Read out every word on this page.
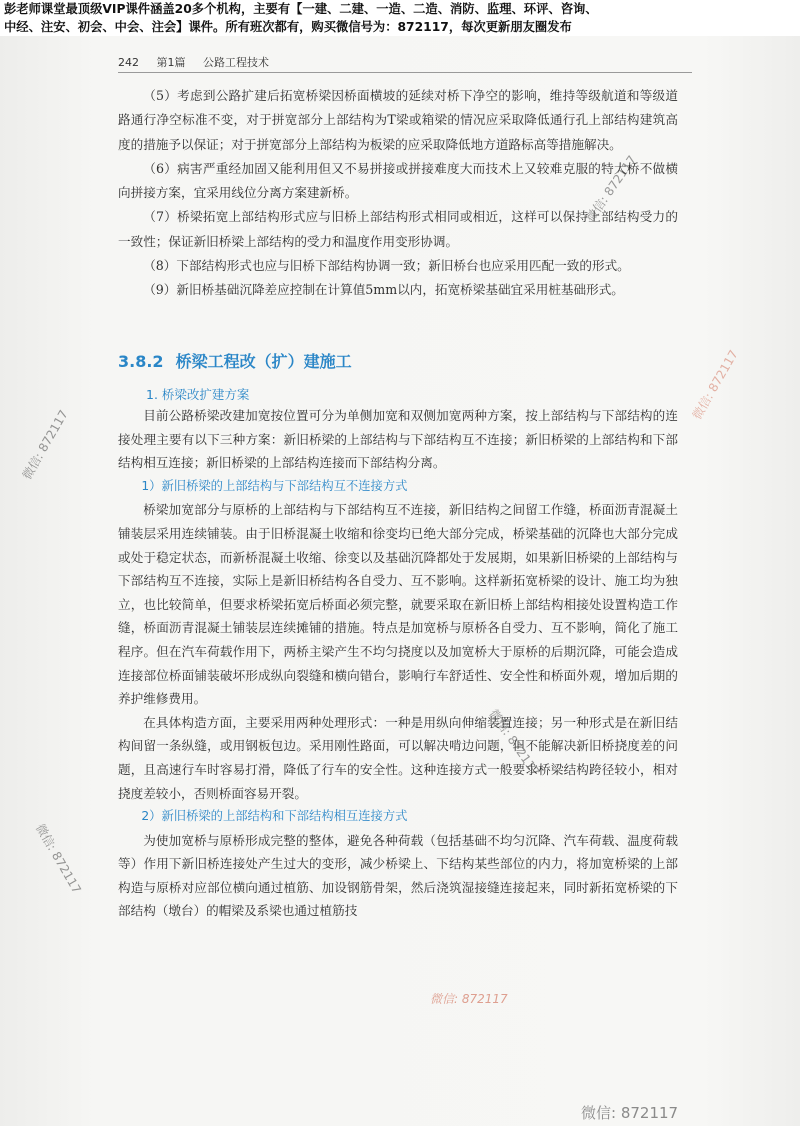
彭老师课堂最顶级VIP课件涵盖20多个机构，主要有【一建、二建、一造、二造、消防、监理、环评、咨询、
中经、注安、初会、中会、注会】课件。所有班次都有，购买微信号为：872117，每次更新朋友圈发布
242 第1篇 公路工程技术

（5）考虑到公路扩建后拓宽桥梁因桥面横坡的延续对桥下净空的影响，维持等级航道和等级道路通行净空标准不变，对于拼宽部分上部结构为T梁或箱梁的情况应采取降低通行孔上部结构建筑高度的措施予以保证；对于拼宽部分上部结构为板梁的应采取降低地方道路标高等措施解决。

（6）病害严重经加固又能利用但又不易拼接或拼接难度大而技术上又较难克服的特大桥不做横向拼接方案，宜采用线位分离方案建新桥。

（7）桥梁拓宽上部结构形式应与旧桥上部结构形式相同或相近，这样可以保持上部结构受力的一致性；保证新旧桥梁上部结构的受力和温度作用变形协调。

（8）下部结构形式也应与旧桥下部结构协调一致；新旧桥台也应采用匹配一致的形式。

（9）新旧桥基础沉降差应控制在计算值5mm以内，拓宽桥梁基础宜采用桩基础形式。

3.8.2 桥梁工程改（扩）建施工
1. 桥梁改扩建方案

目前公路桥梁改建加宽按位置可分为单侧加宽和双侧加宽两种方案，按上部结构与下部结构的连接处理主要有以下三种方案：新旧桥梁的上部结构与下部结构互不连接；新旧桥梁的上部结构和下部结构相互连接；新旧桥梁的上部结构连接而下部结构分离。

1）新旧桥梁的上部结构与下部结构互不连接方式

桥梁加宽部分与原桥的上部结构与下部结构互不连接，新旧结构之间留工作缝，桥面沥青混凝土铺装层采用连续铺装。由于旧桥混凝土收缩和徐变均已绝大部分完成，桥梁基础的沉降也大部分完成或处于稳定状态，而新桥混凝土收缩、徐变以及基础沉降都处于发展期，如果新旧桥梁的上部结构与下部结构互不连接，实际上是新旧桥结构各自受力、互不影响。这样新拓宽桥梁的设计、施工均为独立，也比较简单，但要求桥梁拓宽后桥面必须完整，就要采取在新旧桥上部结构相接处设置构造工作缝，桥面沥青混凝土铺装层连续摊铺的措施。特点是加宽桥与原桥各自受力、互不影响，简化了施工程序。但在汽车荷载作用下，两桥主梁产生不均匀挠度以及加宽桥大于原桥的后期沉降，可能会造成连接部位桥面铺装破坏形成纵向裂缝和横向错台，影响行车舒适性、安全性和桥面外观，增加后期的养护维修费用。

在具体构造方面，主要采用两种处理形式：一种是用纵向伸缩装置连接；另一种形式是在新旧结构间留一条纵缝，或用钢板包边。采用刚性路面，可以解决啃边问题，但不能解决新旧桥挠度差的问题，且高速行车时容易打滑，降低了行车的安全性。这种连接方式一般要求桥梁结构跨径较小，相对挠度差较小，否则桥面容易开裂。

2）新旧桥梁的上部结构和下部结构相互连接方式

为使加宽桥与原桥形成完整的整体，避免各种荷载（包括基础不均匀沉降、汽车荷载、温度荷载等）作用下新旧桥连接处产生过大的变形，减少桥梁上、下结构某些部位的内力，将加宽桥梁的上部构造与原桥对应部位横向通过植筋、加设钢筋骨架，然后浇筑湿接缝连接起来，同时新拓宽桥梁的下部结构（墩台）的帽梁及系梁也通过植筋技

微信: 872117
微信: 872117
微信: 872117
微信: 872117
微信: 872117
微信: 872117
微信: 872117
